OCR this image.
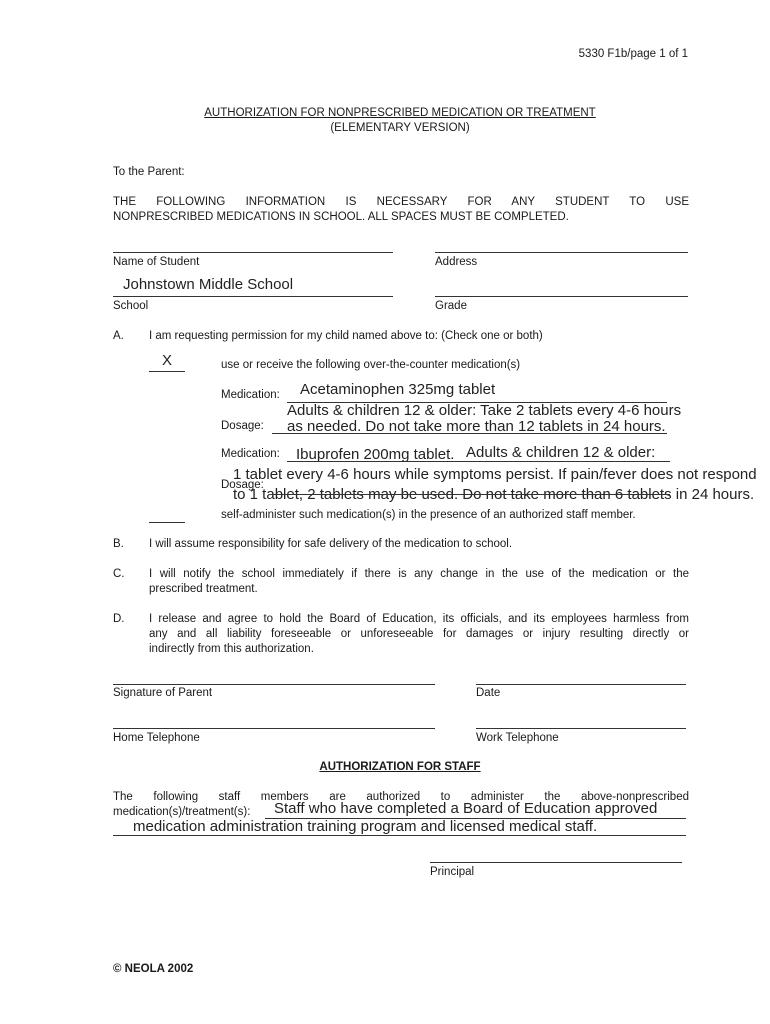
5330 F1b/page 1 of 1
AUTHORIZATION FOR NONPRESCRIBED MEDICATION OR TREATMENT
(ELEMENTARY VERSION)
To the Parent:
THE FOLLOWING INFORMATION IS NECESSARY FOR ANY STUDENT TO USE
NONPRESCRIBED MEDICATIONS IN SCHOOL. ALL SPACES MUST BE COMPLETED.
Name of Student	Address
Johnstown Middle School
School	Grade
A. I am requesting permission for my child named above to: (Check one or both)
X	use or receive the following over-the-counter medication(s)
Medication: Acetaminophen 325mg tablet
Adults & children 12 & older: Take 2 tablets every 4-6 hours
Dosage: as needed. Do not take more than 12 tablets in 24 hours.
Medication: Ibuprofen 200mg tablet. Adults & children 12 & older:
1 tablet every 4-6 hours while symptoms persist. If pain/fever does not respond
Dosage:
to 1 tablet, 2 tablets may be used. Do not take more than 6 tablets in 24 hours.
self-administer such medication(s) in the presence of an authorized staff member.
B. I will assume responsibility for safe delivery of the medication to school.
C. I will notify the school immediately if there is any change in the use of the medication or the
prescribed treatment.
D. I release and agree to hold the Board of Education, its officials, and its employees harmless from
any and all liability foreseeable or unforeseeable for damages or injury resulting directly or
indirectly from this authorization.
Signature of Parent	Date
Home Telephone	Work Telephone
AUTHORIZATION FOR STAFF
The following staff members are authorized to administer the above-nonprescribed
medication(s)/treatment(s): Staff who have completed a Board of Education approved
medication administration training program and licensed medical staff.
Principal
© NEOLA 2002
